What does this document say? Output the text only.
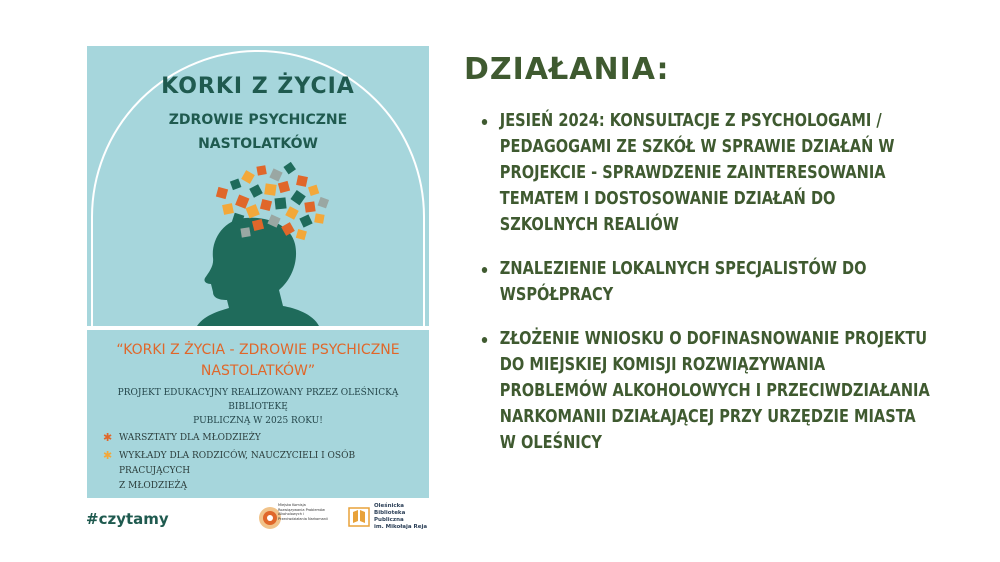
KORKI Z ŻYCIA
ZDROWIE PSYCHICZNE
NASTOLATKÓW
“KORKI Z ŻYCIA - ZDROWIE PSYCHICZNE
NASTOLATKÓW”
PROJEKT EDUKACYJNY REALIZOWANY PRZEZ OLEŚNICKĄ BIBLIOTEKĘ
PUBLICZNĄ W 2025 ROKU!
✱ WARSZTATY DLA MŁODZIEŻY
✱ WYKŁADY DLA RODZICÓW, NAUCZYCIELI I OSÓB PRACUJĄCYCH
Z MŁODZIEŻĄ
#czytamy
Miejska Komisja Rozwiązywania Problemów Alkoholowych i Przeciwdziałania Narkomanii
Oleśnicka
Biblioteka
Publiczna
im. Mikołaja Reja
DZIAŁANIA:
JESIEŃ 2024: KONSULTACJE Z PSYCHOLOGAMI / PEDAGOGAMI ZE SZKÓŁ W SPRAWIE DZIAŁAŃ W PROJEKCIE - SPRAWDZENIE ZAINTERESOWANIA TEMATEM I DOSTOSOWANIE DZIAŁAŃ DO SZKOLNYCH REALIÓW
ZNALEZIENIE LOKALNYCH SPECJALISTÓW DO WSPÓŁPRACY
ZŁOŻENIE WNIOSKU O DOFINASNOWANIE PROJEKTU DO MIEJSKIEJ KOMISJI ROZWIĄZYWANIA PROBLEMÓW ALKOHOLOWYCH I PRZECIWDZIAŁANIA NARKOMANII DZIAŁAJĄCEJ PRZY URZĘDZIE MIASTA W OLEŚNICY
